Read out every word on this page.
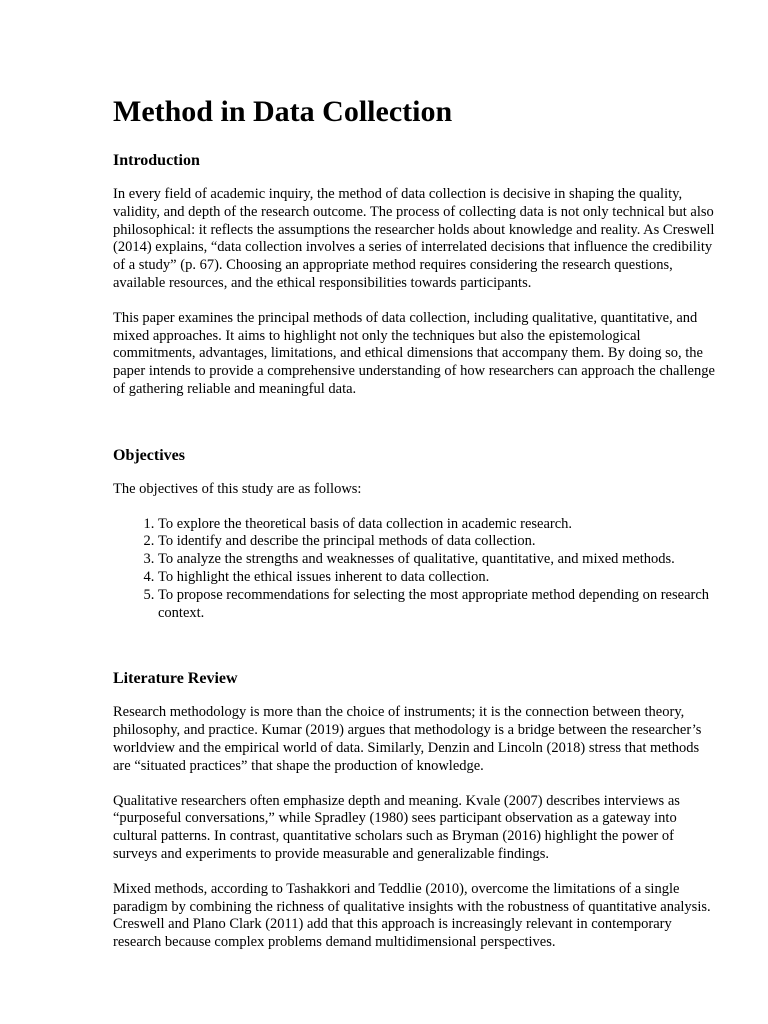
Method in Data Collection
Introduction

In every field of academic inquiry, the method of data collection is decisive in shaping the quality, validity, and depth of the research outcome. The process of collecting data is not only technical but also philosophical: it reflects the assumptions the researcher holds about knowledge and reality. As Creswell (2014) explains, “data collection involves a series of interrelated decisions that influence the credibility of a study” (p. 67). Choosing an appropriate method requires considering the research questions, available resources, and the ethical responsibilities towards participants.

This paper examines the principal methods of data collection, including qualitative, quantitative, and mixed approaches. It aims to highlight not only the techniques but also the epistemological commitments, advantages, limitations, and ethical dimensions that accompany them. By doing so, the paper intends to provide a comprehensive understanding of how researchers can approach the challenge of gathering reliable and meaningful data.

Objectives

The objectives of this study are as follows:

1. To explore the theoretical basis of data collection in academic research.
2. To identify and describe the principal methods of data collection.
3. To analyze the strengths and weaknesses of qualitative, quantitative, and mixed methods.
4. To highlight the ethical issues inherent to data collection.
5. To propose recommendations for selecting the most appropriate method depending on research context.
Literature Review

Research methodology is more than the choice of instruments; it is the connection between theory, philosophy, and practice. Kumar (2019) argues that methodology is a bridge between the researcher’s worldview and the empirical world of data. Similarly, Denzin and Lincoln (2018) stress that methods are “situated practices” that shape the production of knowledge.

Qualitative researchers often emphasize depth and meaning. Kvale (2007) describes interviews as “purposeful conversations,” while Spradley (1980) sees participant observation as a gateway into cultural patterns. In contrast, quantitative scholars such as Bryman (2016) highlight the power of surveys and experiments to provide measurable and generalizable findings.

Mixed methods, according to Tashakkori and Teddlie (2010), overcome the limitations of a single paradigm by combining the richness of qualitative insights with the robustness of quantitative analysis. Creswell and Plano Clark (2011) add that this approach is increasingly relevant in contemporary research because complex problems demand multidimensional perspectives.
